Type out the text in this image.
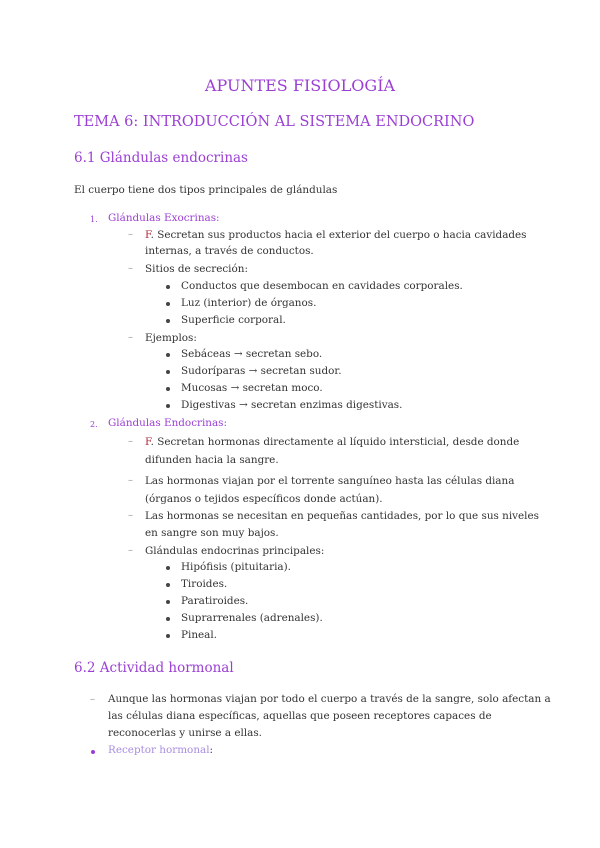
APUNTES FISIOLOGÍA
TEMA 6: INTRODUCCIÓN AL SISTEMA ENDOCRINO
6.1 Glándulas endocrinas
El cuerpo tiene dos tipos principales de glándulas
1. Glándulas Exocrinas:
– F. Secretan sus productos hacia el exterior del cuerpo o hacia cavidades
internas, a través de conductos.
– Sitios de secreción:
Conductos que desembocan en cavidades corporales.
Luz (interior) de órganos.
Superficie corporal.
– Ejemplos:
Sebáceas → secretan sebo.
Sudoríparas → secretan sudor.
Mucosas → secretan moco.
Digestivas → secretan enzimas digestivas.
2. Glándulas Endocrinas:
– F. Secretan hormonas directamente al líquido intersticial, desde donde
difunden hacia la sangre.
– Las hormonas viajan por el torrente sanguíneo hasta las células diana
(órganos o tejidos específicos donde actúan).
– Las hormonas se necesitan en pequeñas cantidades, por lo que sus niveles
en sangre son muy bajos.
– Glándulas endocrinas principales:
Hipófisis (pituitaria).
Tiroides.
Paratiroides.
Suprarrenales (adrenales).
Pineal.
6.2 Actividad hormonal
– Aunque las hormonas viajan por todo el cuerpo a través de la sangre, solo afectan a
las células diana específicas, aquellas que poseen receptores capaces de
reconocerlas y unirse a ellas.
Receptor hormonal:
